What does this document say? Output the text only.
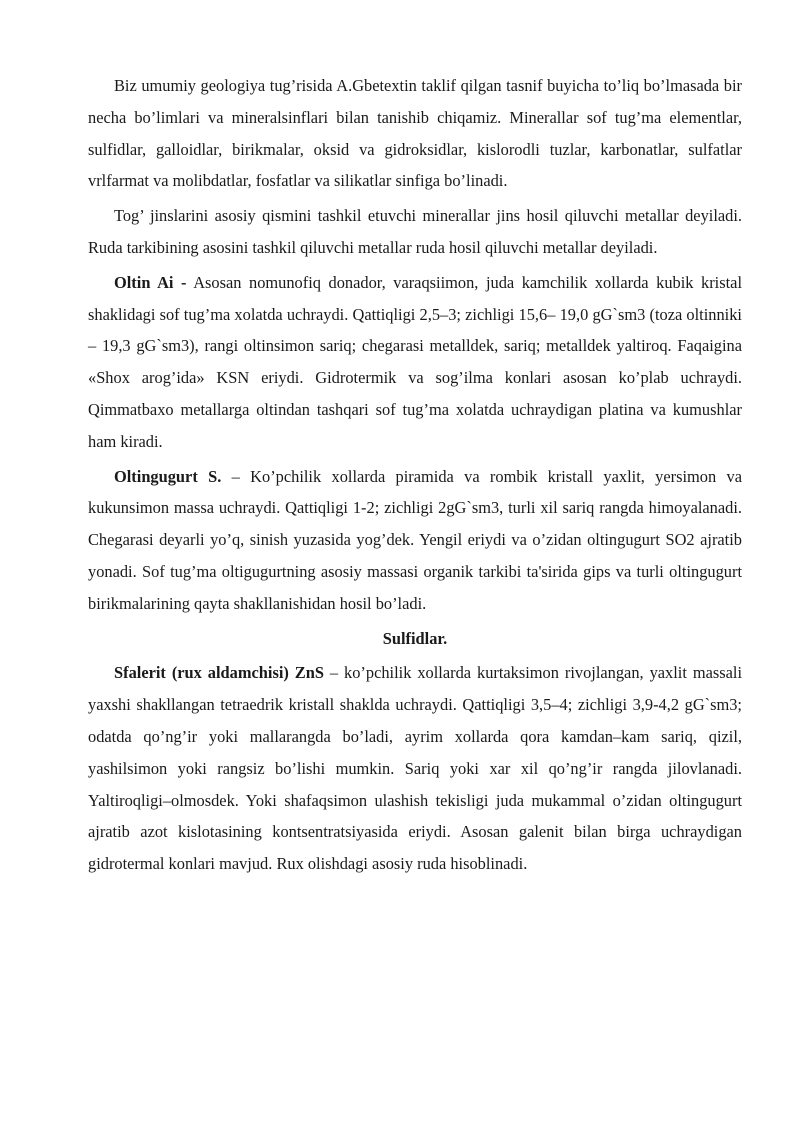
Biz umumiy geologiya tug’risida A.Gbetextin taklif qilgan tasnif buyicha to’liq bo’lmasada bir necha bo’limlari va mineralsinflari bilan tanishib chiqamiz. Minerallar sof tug’ma elementlar, sulfidlar, galloidlar, birikmalar, oksid va gidroksidlar, kislorodli tuzlar, karbonatlar, sulfatlar vrlfarmat va molibdatlar, fosfatlar va silikatlar sinfiga bo’linadi.

Tog’ jinslarini asosiy qismini tashkil etuvchi minerallar jins hosil qiluvchi metallar deyiladi. Ruda tarkibining asosini tashkil qiluvchi metallar ruda hosil qiluvchi metallar deyiladi.

Oltin Ai - Asosan nomunofiq donador, varaqsiimon, juda kamchilik xollarda kubik kristal shaklidagi sof tug’ma xolatda uchraydi. Qattiqligi 2,5–3; zichligi 15,6– 19,0 gG`sm3 (toza oltinniki – 19,3 gG`sm3), rangi oltinsimon sariq; chegarasi metalldek, sariq; metalldek yaltiroq. Faqaigina «Shox arog’ida» KSN eriydi. Gidrotermik va sog’ilma konlari asosan ko’plab uchraydi. Qimmatbaxo metallarga oltindan tashqari sof tug’ma xolatda uchraydigan platina va kumushlar ham kiradi.

Oltingugurt S. – Ko’pchilik xollarda piramida va rombik kristall yaxlit, yersimon va kukunsimon massa uchraydi. Qattiqligi 1-2; zichligi 2gG`sm3, turli xil sariq rangda himoyalanadi. Chegarasi deyarli yo’q, sinish yuzasida yog’dek. Yengil eriydi va o’zidan oltingugurt SO2 ajratib yonadi. Sof tug’ma oltigugurtning asosiy massasi organik tarkibi ta'sirida gips va turli oltingugurt birikmalarining qayta shakllanishidan hosil bo’ladi.

Sulfidlar.

Sfalerit (rux aldamchisi) ZnS – ko’pchilik xollarda kurtaksimon rivojlangan, yaxlit massali yaxshi shakllangan tetraedrik kristall shaklda uchraydi. Qattiqligi 3,5–4; zichligi 3,9-4,2 gG`sm3; odatda qo’ng’ir yoki mallarangda bo’ladi, ayrim xollarda qora kamdan–kam sariq, qizil, yashilsimon yoki rangsiz bo’lishi mumkin. Sariq yoki xar xil qo’ng’ir rangda jilovlanadi. Yaltiroqligi–olmosdek. Yoki shafaqsimon ulashish tekisligi juda mukammal o’zidan oltingugurt ajratib azot kislotasining kontsentratsiyasida eriydi. Asosan galenit bilan birga uchraydigan gidrotermal konlari mavjud. Rux olishdagi asosiy ruda hisoblinadi.
